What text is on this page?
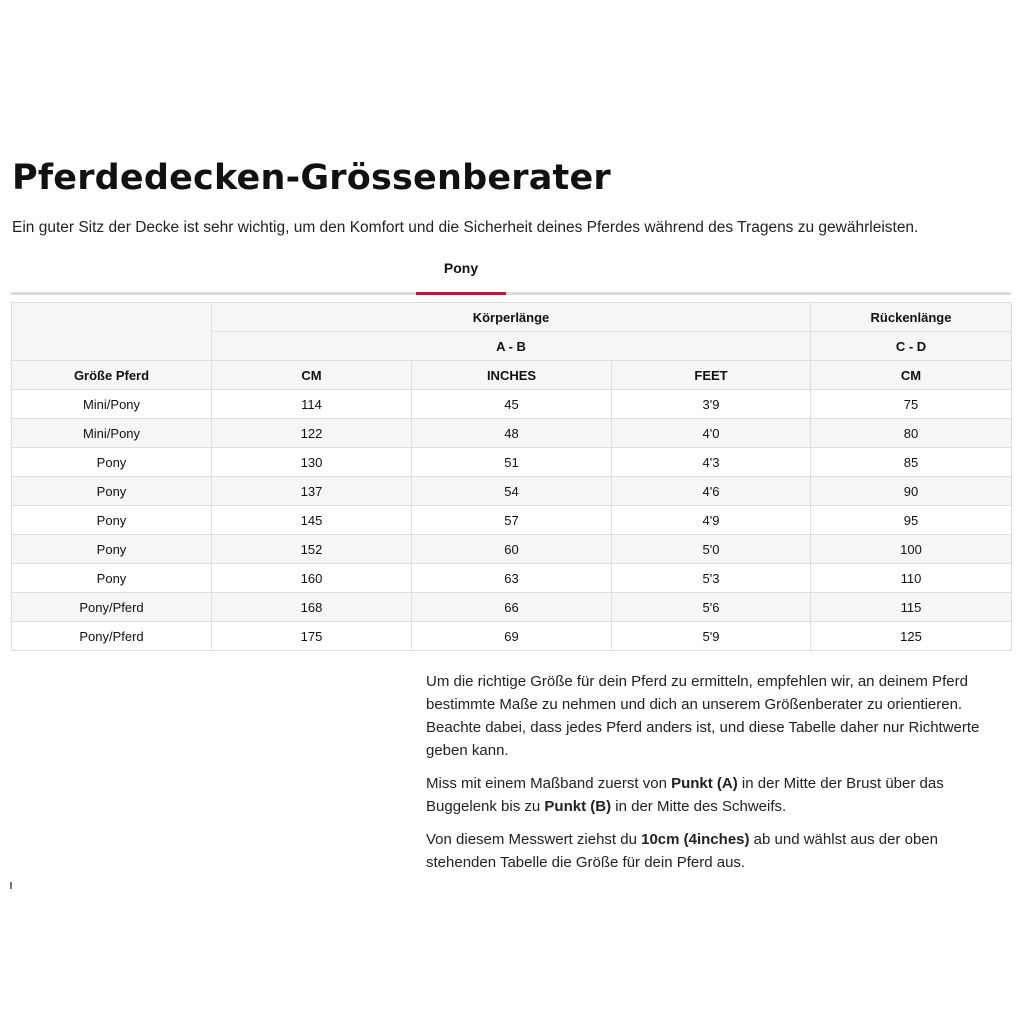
Pferdedecken-Grössenberater

Ein guter Sitz der Decke ist sehr wichtig, um den Komfort und die Sicherheit deines Pferdes während des Tragens zu gewährleisten.

Pony
	Körperlänge			Rückenlänge
	A - B			C - D
Größe Pferd	CM	INCHES	FEET	CM
Mini/Pony	114	45	3'9	75
Mini/Pony	122	48	4'0	80
Pony	130	51	4'3	85
Pony	137	54	4'6	90
Pony	145	57	4'9	95
Pony	152	60	5'0	100
Pony	160	63	5'3	110
Pony/Pferd	168	66	5'6	115
Pony/Pferd	175	69	5'9	125

Um die richtige Größe für dein Pferd zu ermitteln, empfehlen wir, an deinem Pferd bestimmte Maße zu nehmen und dich an unserem Größenberater zu orientieren. Beachte dabei, dass jedes Pferd anders ist, und diese Tabelle daher nur Richtwerte geben kann.

Miss mit einem Maßband zuerst von Punkt (A) in der Mitte der Brust über das Buggelenk bis zu Punkt (B) in der Mitte des Schweifs.

Von diesem Messwert ziehst du 10cm (4inches) ab und wählst aus der oben stehenden Tabelle die Größe für dein Pferd aus.
